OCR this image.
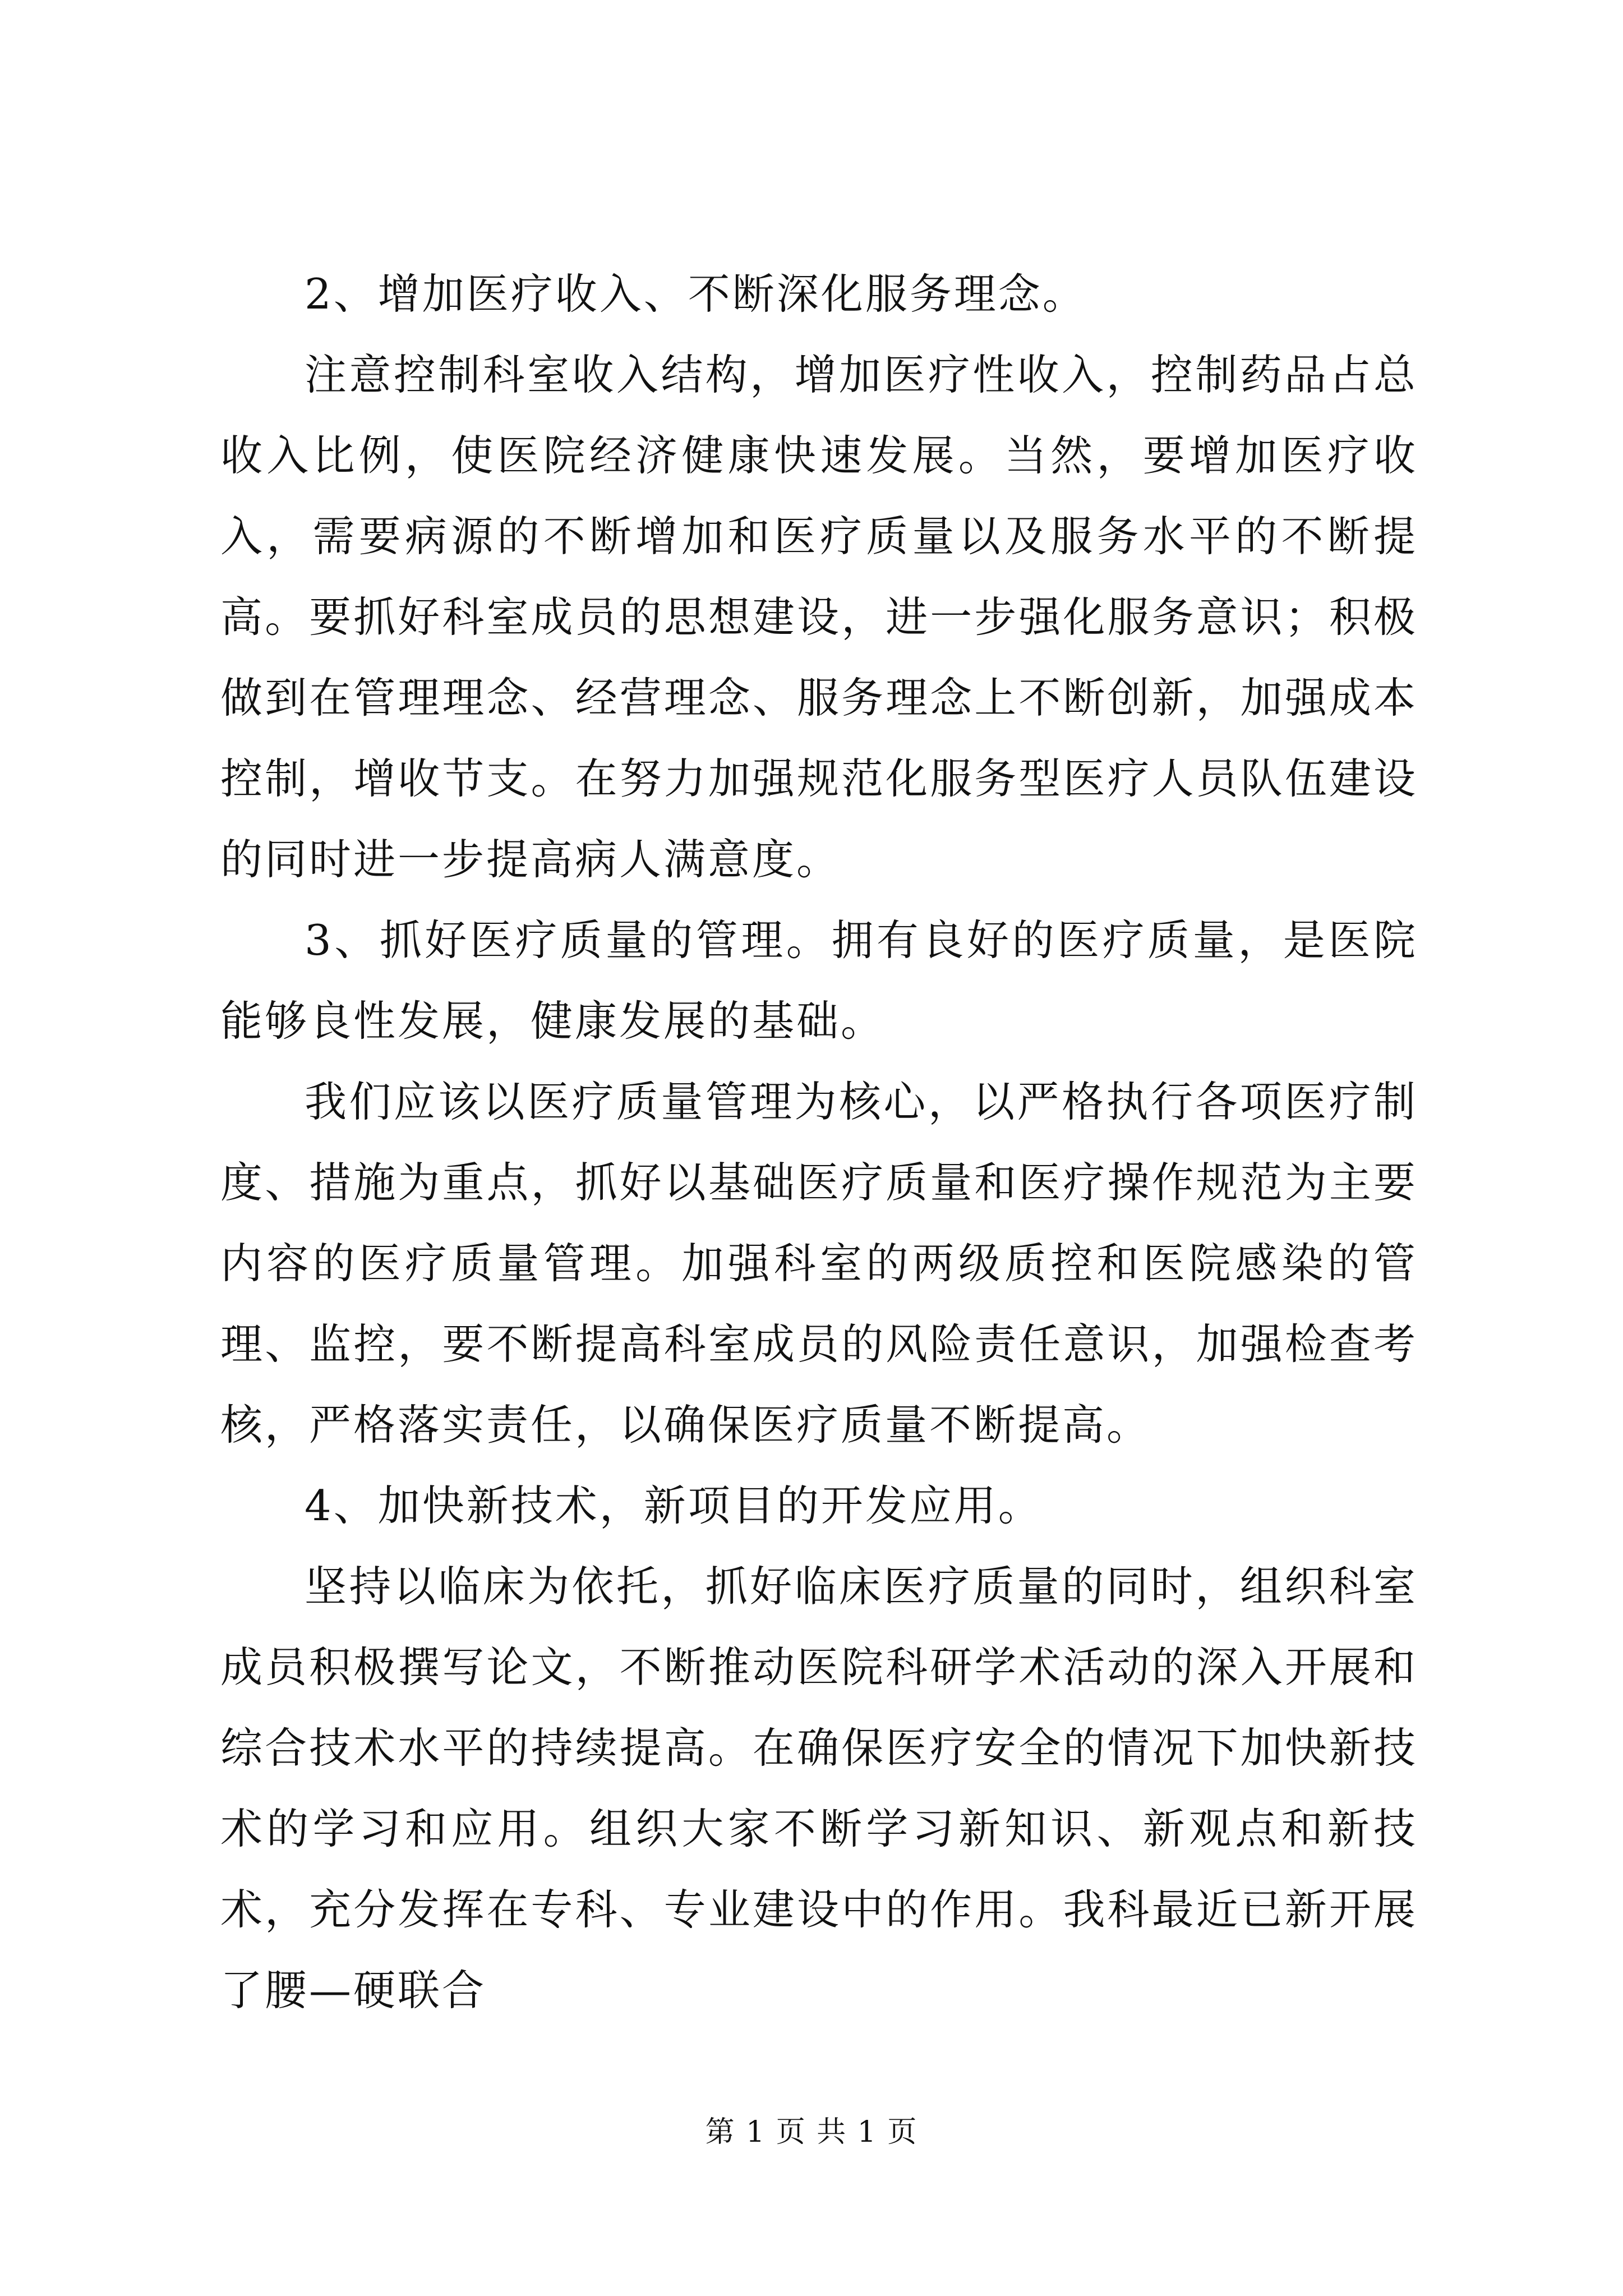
2、增加医疗收入、不断深化服务理念。

注意控制科室收入结构，增加医疗性收入，控制药品占总收入比例，使医院经济健康快速发展。当然，要增加医疗收入，需要病源的不断增加和医疗质量以及服务水平的不断提高。要抓好科室成员的思想建设，进一步强化服务意识；积极做到在管理理念、经营理念、服务理念上不断创新，加强成本控制，增收节支。在努力加强规范化服务型医疗人员队伍建设的同时进一步提高病人满意度。

3、抓好医疗质量的管理。拥有良好的医疗质量，是医院能够良性发展，健康发展的基础。

我们应该以医疗质量管理为核心，以严格执行各项医疗制度、措施为重点，抓好以基础医疗质量和医疗操作规范为主要内容的医疗质量管理。加强科室的两级质控和医院感染的管理、监控，要不断提高科室成员的风险责任意识，加强检查考核，严格落实责任，以确保医疗质量不断提高。

4、加快新技术，新项目的开发应用。

坚持以临床为依托，抓好临床医疗质量的同时，组织科室成员积极撰写论文，不断推动医院科研学术活动的深入开展和综合技术水平的持续提高。在确保医疗安全的情况下加快新技术的学习和应用。组织大家不断学习新知识、新观点和新技术，充分发挥在专科、专业建设中的作用。我科最近已新开展了腰—硬联合

第 1 页 共 1 页
